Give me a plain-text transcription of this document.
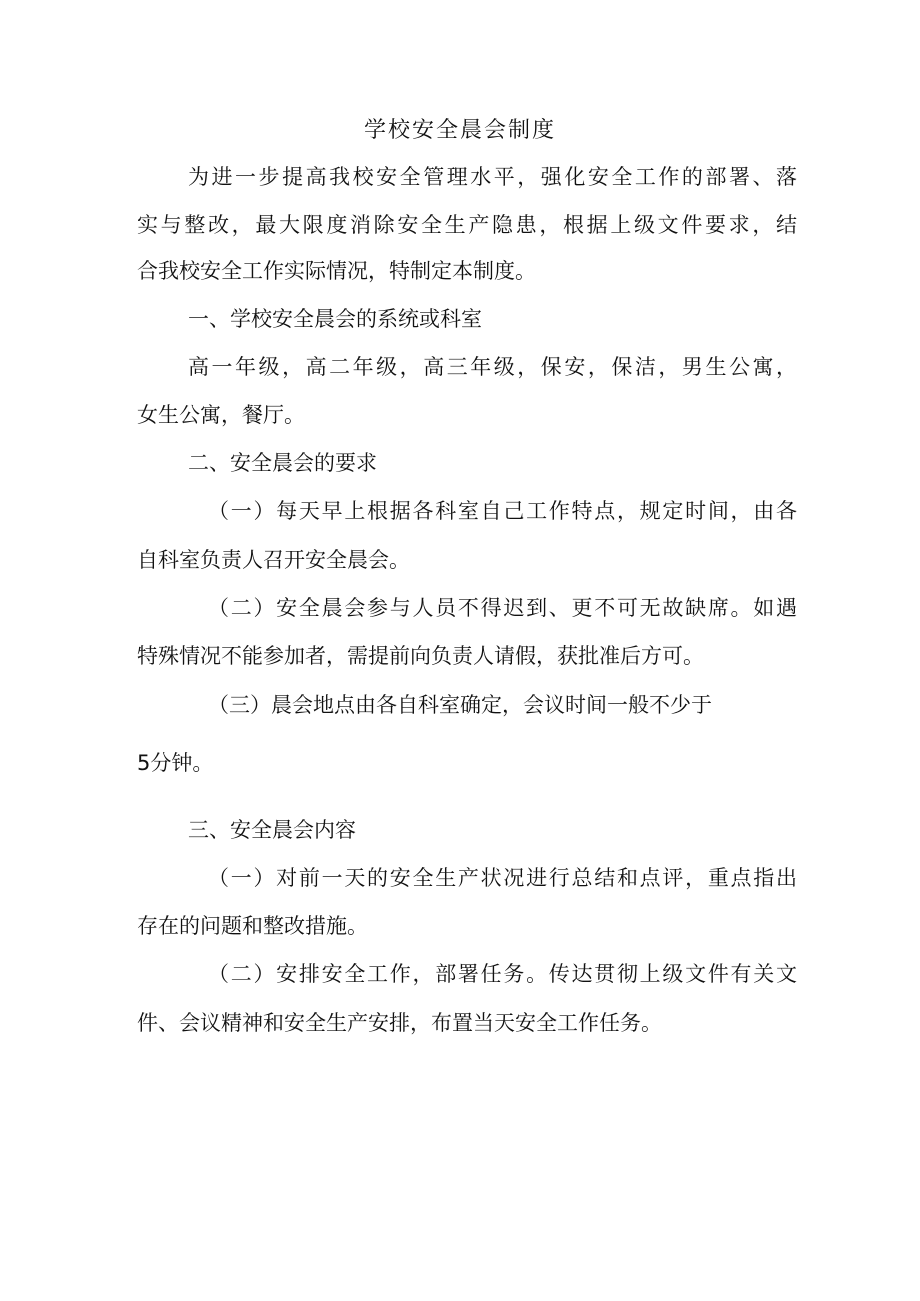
学校安全晨会制度

为进一步提高我校安全管理水平，强化安全工作的部署、落

实与整改，最大限度消除安全生产隐患，根据上级文件要求，结

合我校安全工作实际情况，特制定本制度。

一、学校安全晨会的系统或科室

高一年级，高二年级，高三年级，保安，保洁，男生公寓，

女生公寓，餐厅。

二、安全晨会的要求

（一）每天早上根据各科室自己工作特点，规定时间，由各

自科室负责人召开安全晨会。

（二）安全晨会参与人员不得迟到、更不可无故缺席。如遇

特殊情况不能参加者，需提前向负责人请假，获批准后方可。

（三）晨会地点由各自科室确定，会议时间一般不少于

5分钟。

三、安全晨会内容

（一）对前一天的安全生产状况进行总结和点评，重点指出

存在的问题和整改措施。

（二）安排安全工作，部署任务。传达贯彻上级文件有关文

件、会议精神和安全生产安排，布置当天安全工作任务。
